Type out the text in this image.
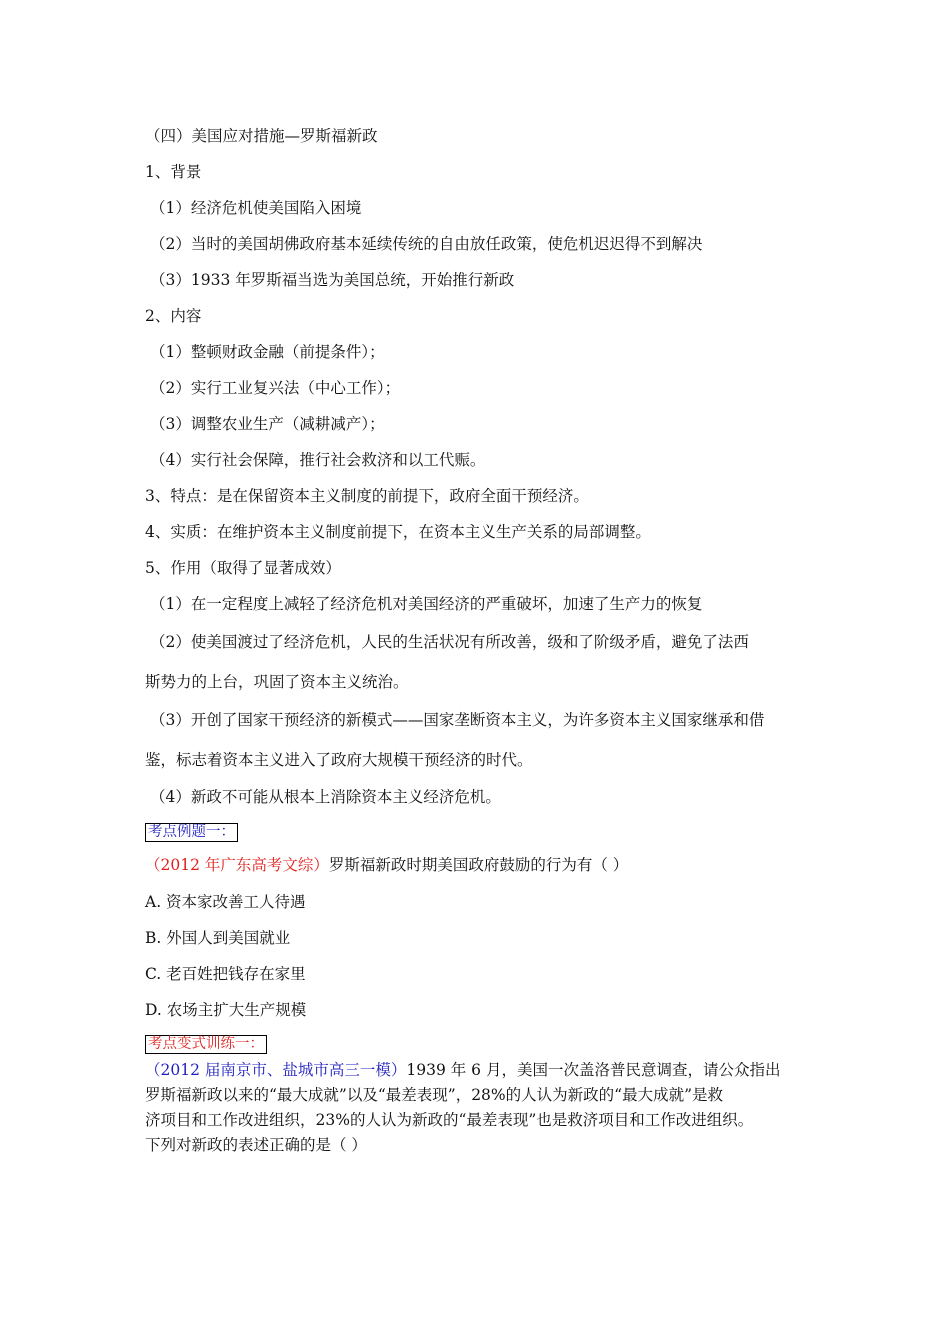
（四）美国应对措施—罗斯福新政
1、背景
（1）经济危机使美国陷入困境
（2）当时的美国胡佛政府基本延续传统的自由放任政策，使危机迟迟得不到解决
（3）1933 年罗斯福当选为美国总统，开始推行新政
2、内容
（1）整顿财政金融（前提条件）；
（2）实行工业复兴法（中心工作）；
（3）调整农业生产（减耕减产）；
（4）实行社会保障，推行社会救济和以工代赈。
3、特点：是在保留资本主义制度的前提下，政府全面干预经济。
4、实质：在维护资本主义制度前提下，在资本主义生产关系的局部调整。
5、作用（取得了显著成效）
（1）在一定程度上减轻了经济危机对美国经济的严重破坏，加速了生产力的恢复
（2）使美国渡过了经济危机，人民的生活状况有所改善，级和了阶级矛盾，避免了法西
斯势力的上台，巩固了资本主义统治。
（3）开创了国家干预经济的新模式——国家垄断资本主义，为许多资本主义国家继承和借
鉴，标志着资本主义进入了政府大规模干预经济的时代。
（4）新政不可能从根本上消除资本主义经济危机。
考点例题一：
（2012 年广东高考文综）罗斯福新政时期美国政府鼓励的行为有（ ）
A. 资本家改善工人待遇
B. 外国人到美国就业
C. 老百姓把钱存在家里
D. 农场主扩大生产规模
考点变式训练一：
（2012 届南京市、盐城市高三一模）1939 年 6 月，美国一次盖洛普民意调查，请公众指出
罗斯福新政以来的“最大成就”以及“最差表现”，28%的人认为新政的“最大成就”是救
济项目和工作改进组织，23%的人认为新政的“最差表现”也是救济项目和工作改进组织。
下列对新政的表述正确的是（ ）
